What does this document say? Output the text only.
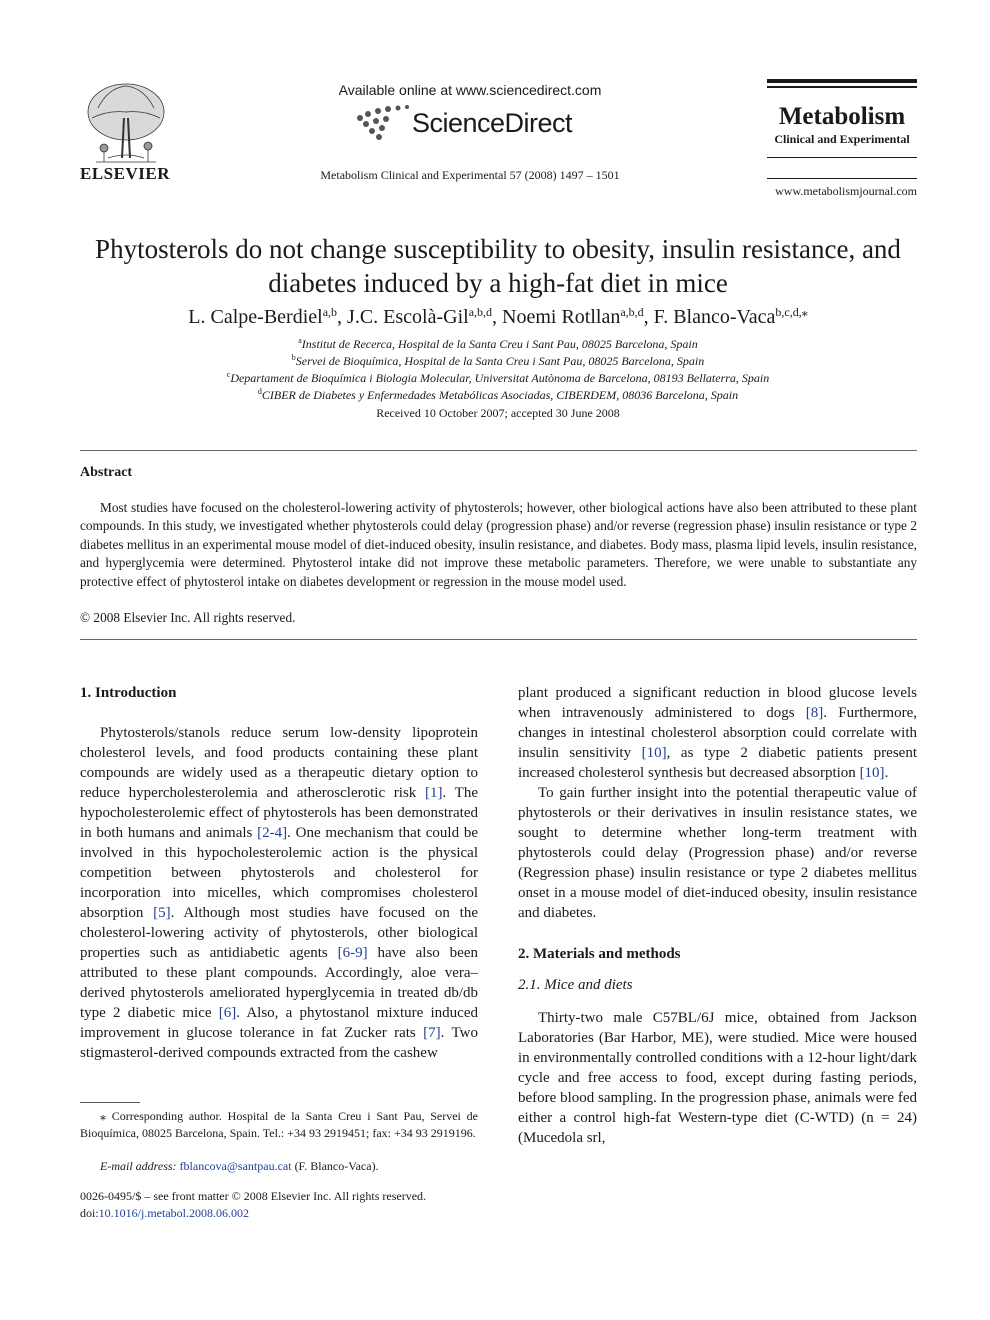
ELSEVIER
Available online at www.sciencedirect.com
ScienceDirect
Metabolism Clinical and Experimental 57 (2008) 1497 – 1501
Metabolism
Clinical and Experimental
www.metabolismjournal.com
Phytosterols do not change susceptibility to obesity, insulin resistance, and
diabetes induced by a high-fat diet in mice
L. Calpe-Berdiel$^{a,b}$, J.C. Escolà-Gil$^{a,b,d}$, Noemi Rotllan$^{a,b,d}$, F. Blanco-Vaca$^{b,c,d,⁎}$
$^a$Institut de Recerca, Hospital de la Santa Creu i Sant Pau, 08025 Barcelona, Spain
$^b$Servei de Bioquímica, Hospital de la Santa Creu i Sant Pau, 08025 Barcelona, Spain
$^c$Departament de Bioquímica i Biologia Molecular, Universitat Autònoma de Barcelona, 08193 Bellaterra, Spain
$^d$CIBER de Diabetes y Enfermedades Metabólicas Asociadas, CIBERDEM, 08036 Barcelona, Spain
Received 10 October 2007; accepted 30 June 2008
Abstract
Most studies have focused on the cholesterol-lowering activity of phytosterols; however, other biological actions have also been attributed to these plant compounds. In this study, we investigated whether phytosterols could delay (progression phase) and/or reverse (regression phase) insulin resistance or type 2 diabetes mellitus in an experimental mouse model of diet-induced obesity, insulin resistance, and diabetes. Body mass, plasma lipid levels, insulin resistance, and hyperglycemia were determined. Phytosterol intake did not improve these metabolic parameters. Therefore, we were unable to substantiate any protective effect of phytosterol intake on diabetes development or regression in the mouse model used.
© 2008 Elsevier Inc. All rights reserved.
1. Introduction
Phytosterols/stanols reduce serum low-density lipoprotein cholesterol levels, and food products containing these plant compounds are widely used as a therapeutic dietary option to reduce hypercholesterolemia and atherosclerotic risk [1]. The hypocholesterolemic effect of phytosterols has been demonstrated in both humans and animals [2-4]. One mechanism that could be involved in this hypocholesterolemic action is the physical competition between phytosterols and cholesterol for incorporation into micelles, which compromises cholesterol absorption [5]. Although most studies have focused on the cholesterol-lowering activity of phytosterols, other biological properties such as antidiabetic agents [6-9] have also been attributed to these plant compounds. Accordingly, aloe vera–derived phytosterols ameliorated hyperglycemia in treated db/db type 2 diabetic mice [6]. Also, a phytostanol mixture induced improvement in glucose tolerance in fat Zucker rats [7]. Two stigmasterol-derived compounds extracted from the cashew
⁎ Corresponding author. Hospital de la Santa Creu i Sant Pau, Servei de Bioquímica, 08025 Barcelona, Spain. Tel.: +34 93 2919451; fax: +34 93 2919196.
E-mail address: fblancova@santpau.cat (F. Blanco-Vaca).
0026-0495/$ – see front matter © 2008 Elsevier Inc. All rights reserved.
doi:10.1016/j.metabol.2008.06.002
plant produced a significant reduction in blood glucose levels when intravenously administered to dogs [8]. Furthermore, changes in intestinal cholesterol absorption could correlate with insulin sensitivity [10], as type 2 diabetic patients present increased cholesterol synthesis but decreased absorption [10].
To gain further insight into the potential therapeutic value of phytosterols or their derivatives in insulin resistance states, we sought to determine whether long-term treatment with phytosterols could delay (Progression phase) and/or reverse (Regression phase) insulin resistance or type 2 diabetes mellitus onset in a mouse model of diet-induced obesity, insulin resistance and diabetes.
2. Materials and methods
2.1. Mice and diets
Thirty-two male C57BL/6J mice, obtained from Jackson Laboratories (Bar Harbor, ME), were studied. Mice were housed in environmentally controlled conditions with a 12-hour light/dark cycle and free access to food, except during fasting periods, before blood sampling. In the progression phase, animals were fed either a control high-fat Western-type diet (C-WTD) (n = 24) (Mucedola srl,
